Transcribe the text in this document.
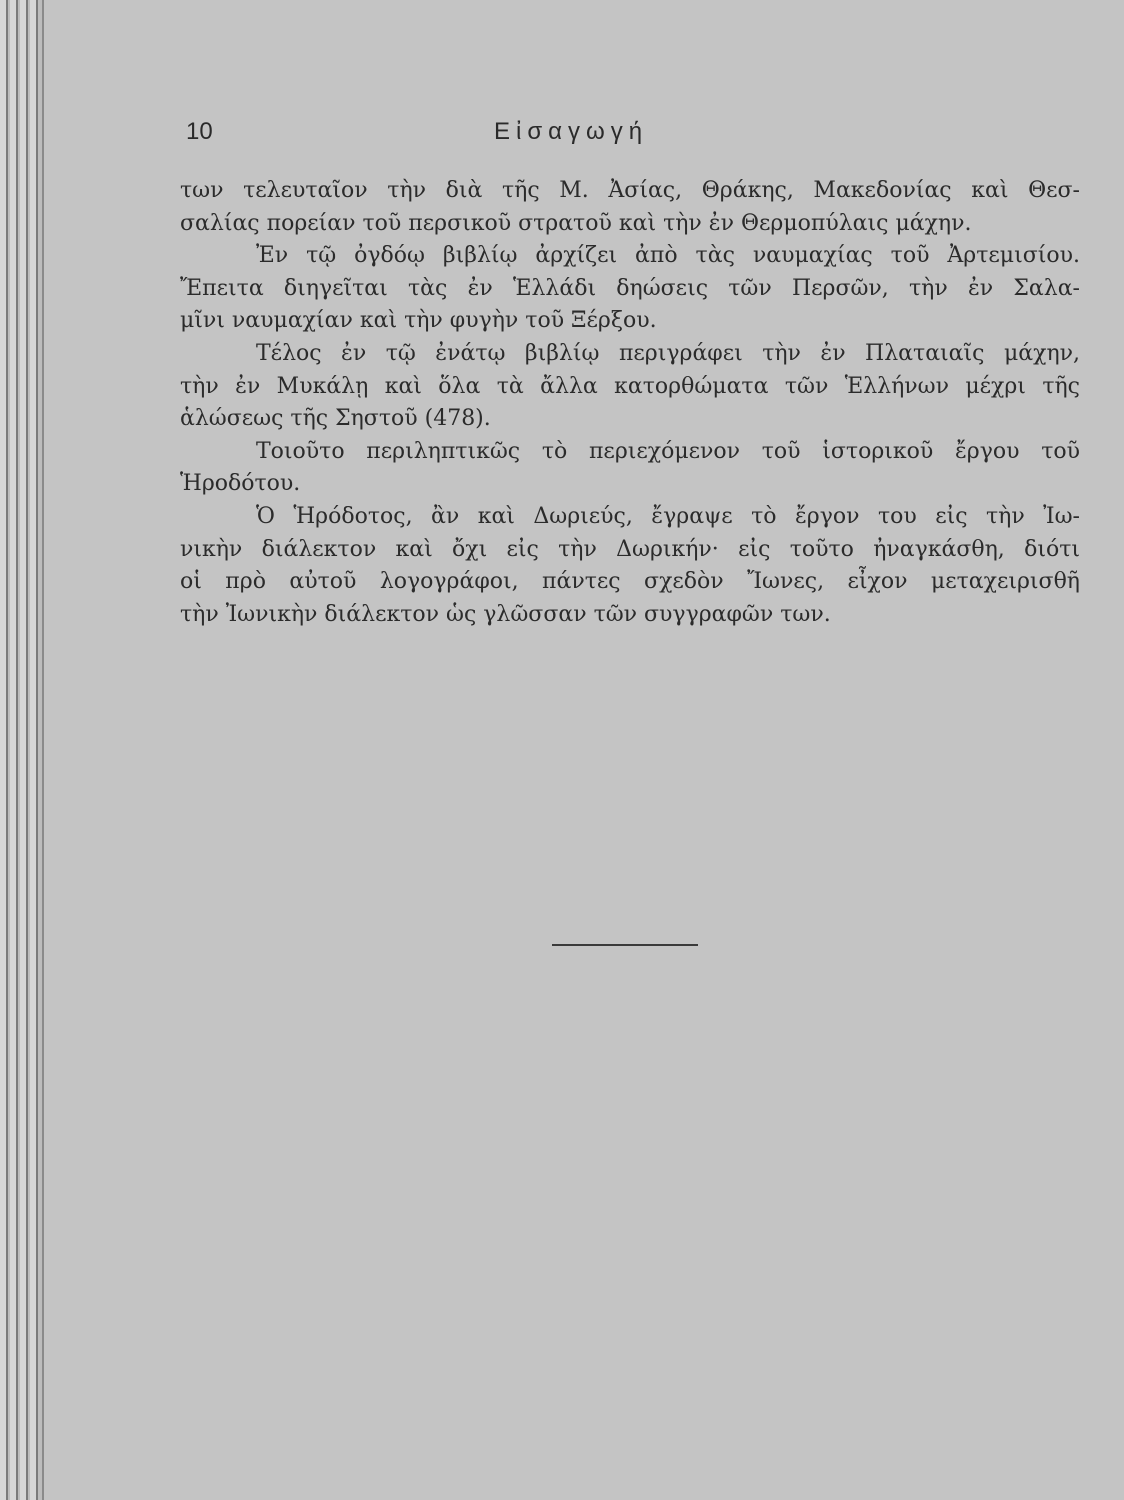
10	Εἰσαγωγή
των τελευταῖον τὴν διὰ τῆς Μ. Ἀσίας, Θράκης, Μακεδονίας καὶ Θεσ-
σαλίας πορείαν τοῦ περσικοῦ στρατοῦ καὶ τὴν ἐν Θερμοπύλαις μάχην.
Ἐν τῷ ὀγδόῳ βιβλίῳ ἀρχίζει ἀπὸ τὰς ναυμαχίας τοῦ Ἀρτεμισίου.
Ἔπειτα διηγεῖται τὰς ἐν Ἑλλάδι δηώσεις τῶν Περσῶν, τὴν ἐν Σαλα-
μῖνι ναυμαχίαν καὶ τὴν φυγὴν τοῦ Ξέρξου.
Τέλος ἐν τῷ ἐνάτῳ βιβλίῳ περιγράφει τὴν ἐν Πλαταιαῖς μάχην,
τὴν ἐν Μυκάλῃ καὶ ὅλα τὰ ἄλλα κατορθώματα τῶν Ἑλλήνων μέχρι τῆς
ἁλώσεως τῆς Σηστοῦ (478).
Τοιοῦτο περιληπτικῶς τὸ περιεχόμενον τοῦ ἱστορικοῦ ἔργου τοῦ
Ἡροδότου.
Ὁ Ἡρόδοτος, ἂν καὶ Δωριεύς, ἔγραψε τὸ ἔργον του εἰς τὴν Ἰω-
νικὴν διάλεκτον καὶ ὄχι εἰς τὴν Δωρικήν· εἰς τοῦτο ἠναγκάσθη, διότι
οἱ πρὸ αὐτοῦ λογογράφοι, πάντες σχεδὸν Ἴωνες, εἶχον μεταχειρισθῆ
τὴν Ἰωνικὴν διάλεκτον ὡς γλῶσσαν τῶν συγγραφῶν των.
